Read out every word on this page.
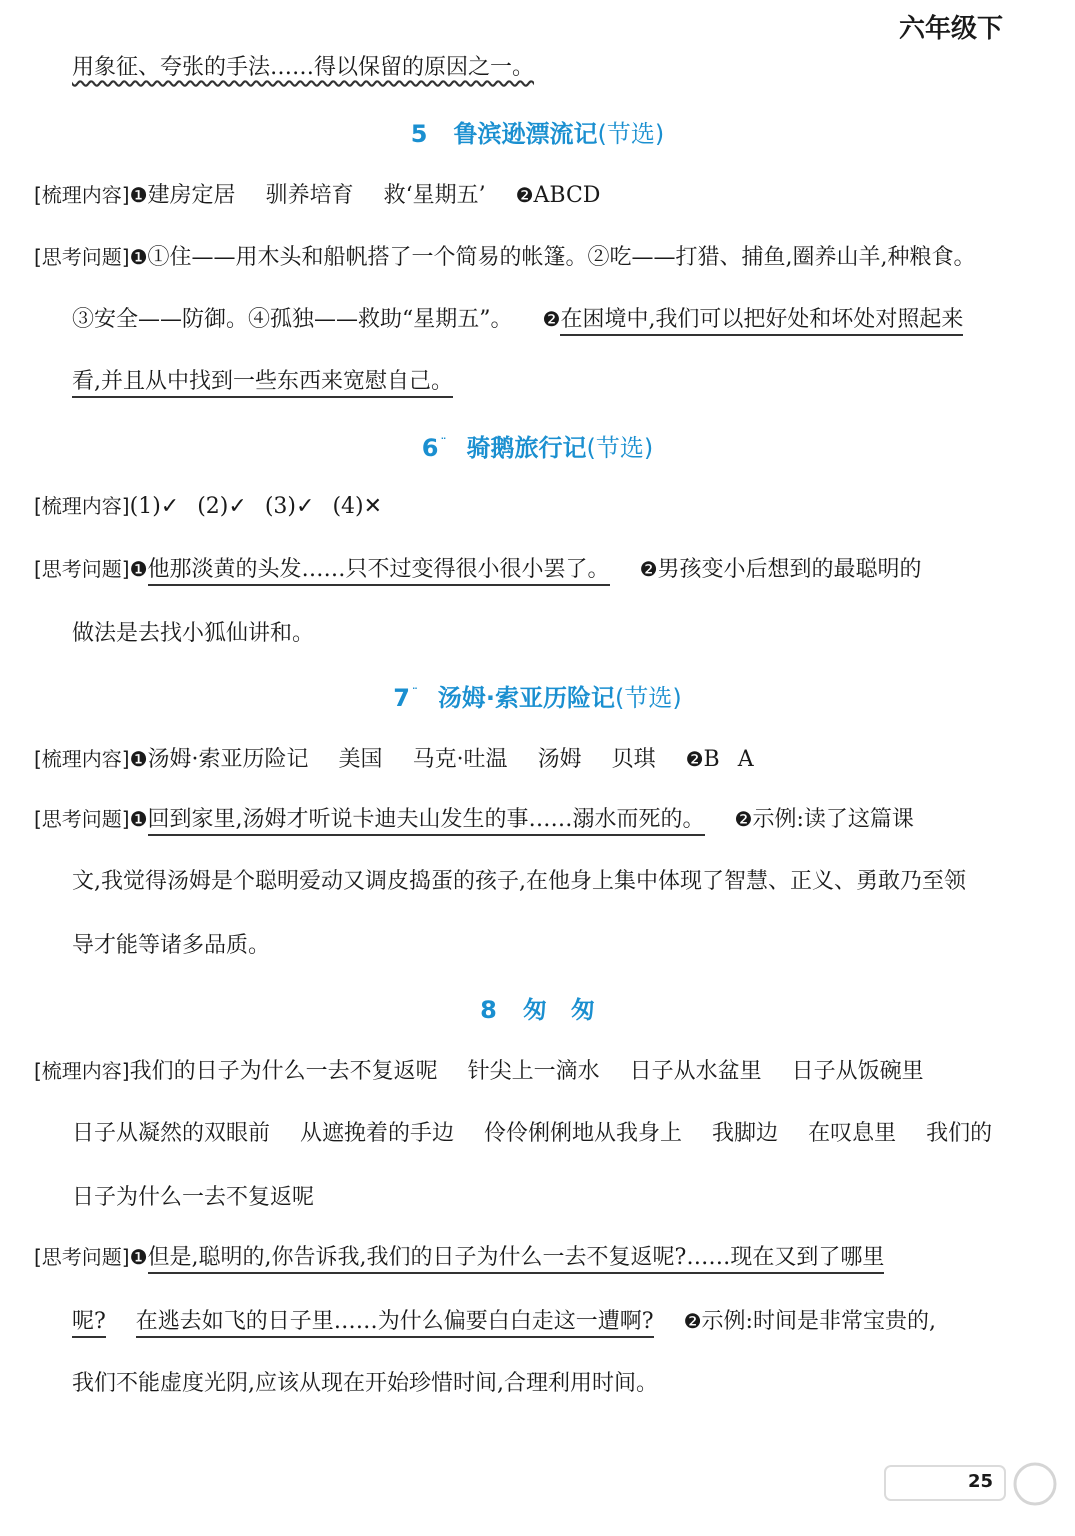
六年级下
用象征、夸张的手法……得以保留的原因之一。
5 鲁滨逊漂流记(节选)
[梳理内容]❶建房定居 驯养培育 救‘星期五’ ❷ABCD
[思考问题]❶①住——用木头和船帆搭了一个简易的帐篷。②吃——打猎、捕鱼,圈养山羊,种粮食。
③安全——防御。④孤独——救助“星期五”。 ❷在困境中,我们可以把好处和坏处对照起来
看,并且从中找到一些东西来宽慰自己。
6 ¨ 骑鹅旅行记(节选)
[梳理内容](1)✓ (2)✓ (3)✓ (4)✕
[思考问题]❶他那淡黄的头发……只不过变得很小很小罢了。 ❷男孩变小后想到的最聪明的
做法是去找小狐仙讲和。
7 ¨ 汤姆·索亚历险记(节选)
[梳理内容]❶汤姆·索亚历险记 美国 马克·吐温 汤姆 贝琪 ❷B A
[思考问题]❶回到家里,汤姆才听说卡迪夫山发生的事……溺水而死的。 ❷示例:读了这篇课
文,我觉得汤姆是个聪明爱动又调皮捣蛋的孩子,在他身上集中体现了智慧、正义、勇敢乃至领
导才能等诸多品质。
8 匆　匆
[梳理内容]我们的日子为什么一去不复返呢 针尖上一滴水 日子从水盆里 日子从饭碗里
日子从凝然的双眼前 从遮挽着的手边 伶伶俐俐地从我身上 我脚边 在叹息里 我们的
日子为什么一去不复返呢
[思考问题]❶但是,聪明的,你告诉我,我们的日子为什么一去不复返呢?……现在又到了哪里
呢? 在逃去如飞的日子里……为什么偏要白白走这一遭啊? ❷示例:时间是非常宝贵的,
我们不能虚度光阴,应该从现在开始珍惜时间,合理利用时间。
25
